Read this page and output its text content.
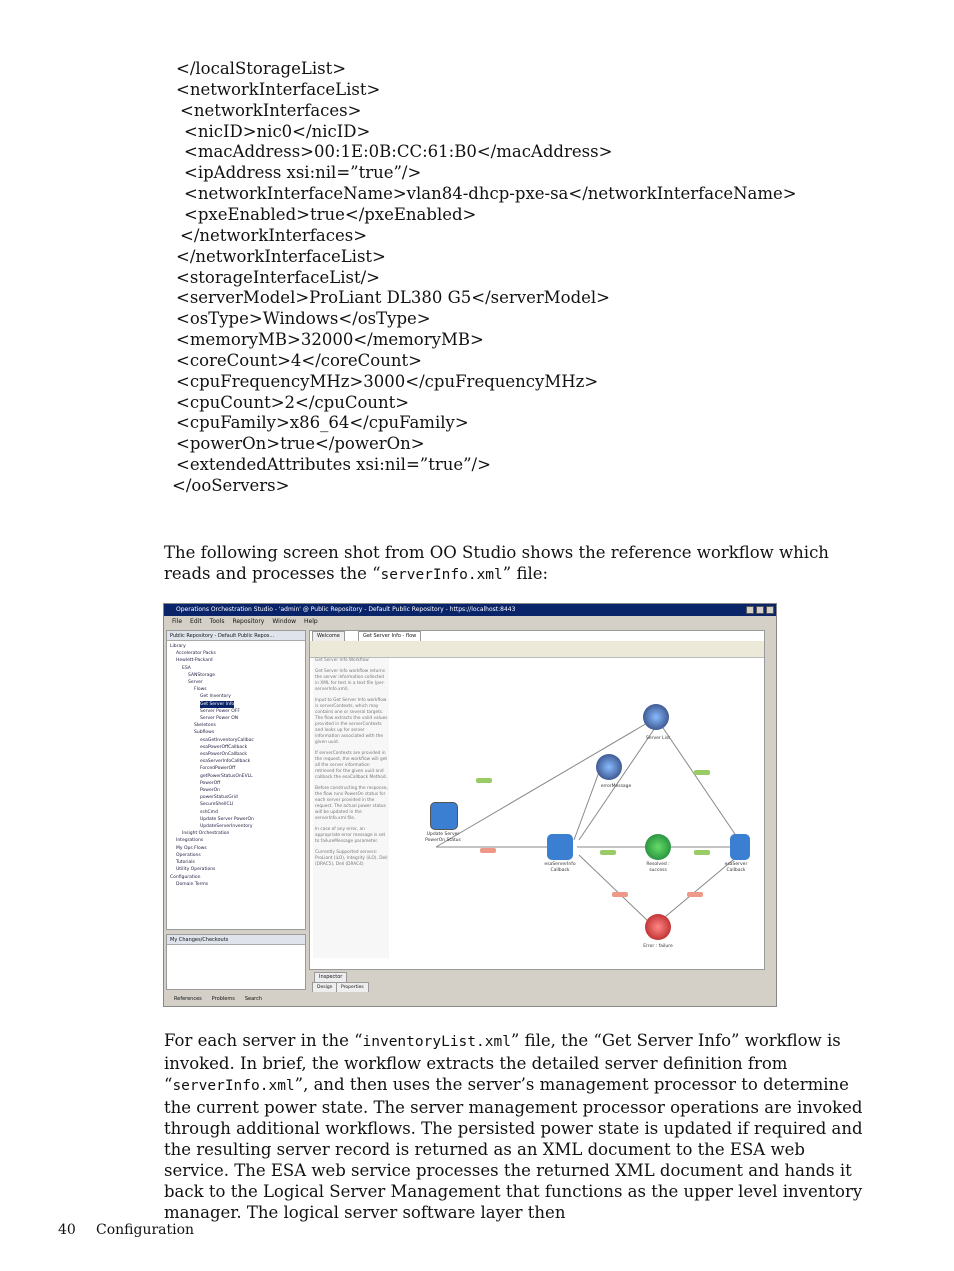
</localStorageList>
<networkInterfaceList>
<networkInterfaces>
<nicID>nic0</nicID>
<macAddress>00:1E:0B:CC:61:B0</macAddress>
<ipAddress xsi:nil=”true”/>
<networkInterfaceName>vlan84-dhcp-pxe-sa</networkInterfaceName>
<pxeEnabled>true</pxeEnabled>
</networkInterfaces>
</networkInterfaceList>
<storageInterfaceList/>
<serverModel>ProLiant DL380 G5</serverModel>
<osType>Windows</osType>
<memoryMB>32000</memoryMB>
<coreCount>4</coreCount>
<cpuFrequencyMHz>3000</cpuFrequencyMHz>
<cpuCount>2</cpuCount>
<cpuFamily>x86_64</cpuFamily>
<powerOn>true</powerOn>
<extendedAttributes xsi:nil=”true”/>
</ooServers>
The following screen shot from OO Studio shows the reference workflow which reads and processes the “serverInfo.xml” file:
Operations Orchestration Studio - 'admin' @ Public Repository - Default Public Repository - https://localhost:8443
File Edit Tools Repository Window Help
Public Repository - Default Public Repos...
Library
Accelerator Packs
Hewlett-Packard
ESA
SANStorage
Server
Flows
Get Inventory
Get Server Info
Server Power OFF
Server Power ON
Skeletons
Subflows
esaGetInventoryCallbac
esaPowerOffCallback
esaPowerOnCallback
esaServerInfoCallback
ForcedPowerOff
getPowerStatusOnEVLL
PowerOff
PowerOn
powerStatusGrid
SecureShellCLI
sshCmd
Update Server PowerOn
UpdateServerInventory
Insight Orchestration
Integrations
My Ops Flows
Operations
Tutorials
Utility Operations
Configuration
Domain Terms
My Changes/Checkouts
Welcome	Get Server Info - flow

Get Server Info Workflow

Get Server Info workflow returns the server information collected in XML for test in a text file (per-serverInfo.xml).

Input to Get Server Info workflow is serverContexts, which may contains one or several targets. The flow extracts the valid values provided in the serverContexts and looks up for server information associated with the given uuid.

If serverContexts are provided in the request, the workflow will get all the server information retrieved for the given uuid and callback the esaCallback Method.

Before constructing the response, the flow runs PowerOn status for each server provided in the request. The actual power status will be updated in the serverInfo.xml file.

In case of any error, an appropriate error message is set to failureMessage parameter.

Currently Supported servers: ProLiant (iLO), Integrity (iLO), Dell (DRAC5), Dell (DRAC4)

Update Server PowerOn Status
Server List
errorMessage
esaServerInfo Callback
Resolved : success
Error : failure
esaServer Callback
Inspector
Design	Properties
References Problems Search
For each server in the “inventoryList.xml” file, the “Get Server Info” workflow is invoked. In brief, the workflow extracts the detailed server definition from “serverInfo.xml”, and then uses the server’s management processor to determine the current power state. The server management processor operations are invoked through additional workflows. The persisted power state is updated if required and the resulting server record is returned as an XML document to the ESA web service. The ESA web service processes the returned XML document and hands it back to the Logical Server Management that functions as the upper level inventory manager. The logical server software layer then
40 Configuration
